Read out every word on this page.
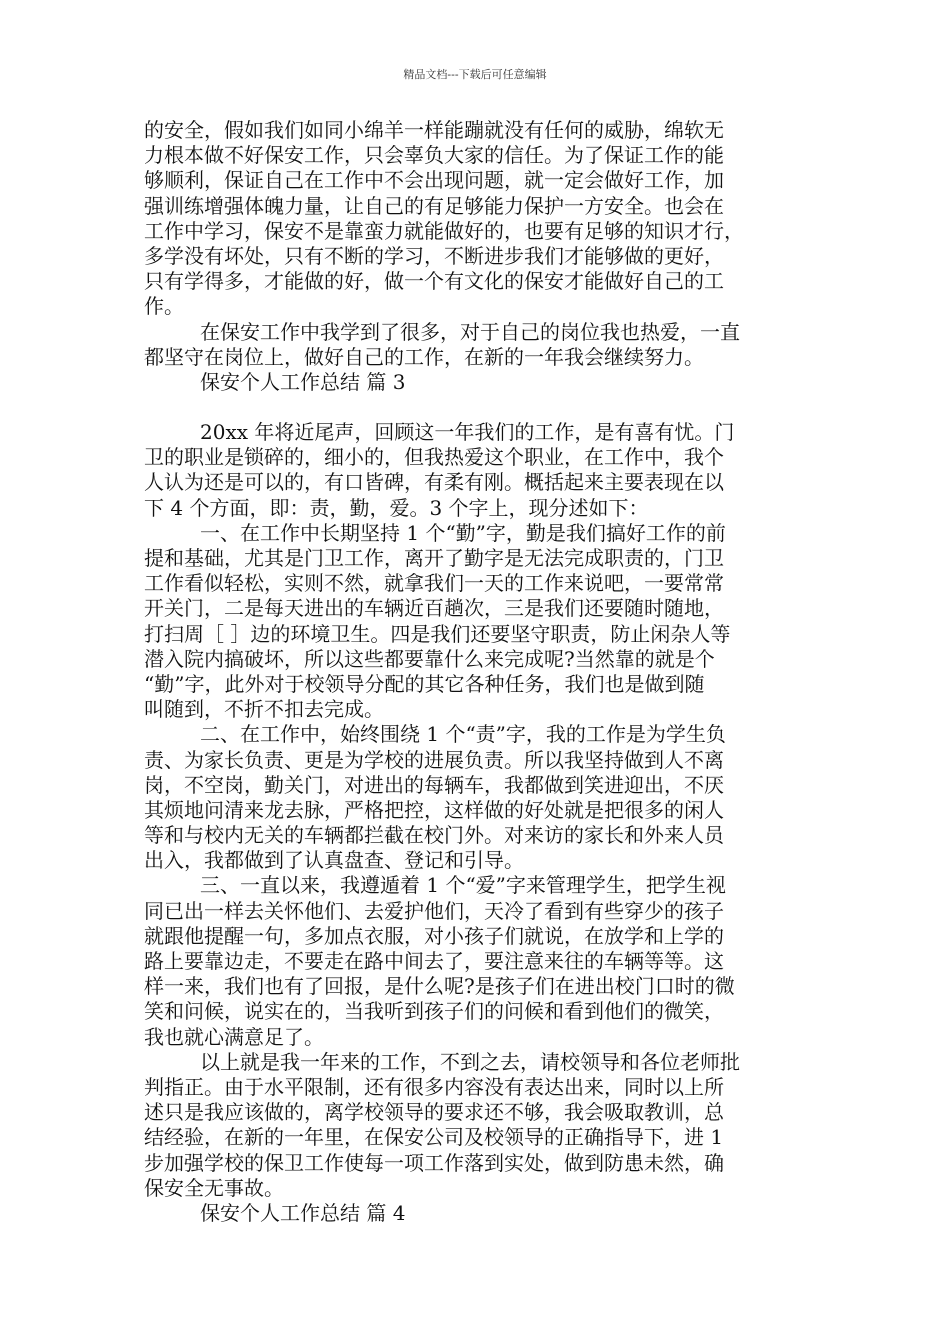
精品文档---下载后可任意编辑
的安全，假如我们如同小绵羊一样能蹦就没有任何的威胁，绵软无
力根本做不好保安工作，只会辜负大家的信任。为了保证工作的能
够顺利，保证自己在工作中不会出现问题，就一定会做好工作，加
强训练增强体魄力量，让自己的有足够能力保护一方安全。也会在
工作中学习，保安不是靠蛮力就能做好的，也要有足够的知识才行，
多学没有坏处，只有不断的学习，不断进步我们才能够做的更好，
只有学得多，才能做的好，做一个有文化的保安才能做好自己的工
作。
在保安工作中我学到了很多，对于自己的岗位我也热爱，一直
都坚守在岗位上，做好自己的工作，在新的一年我会继续努力。
保安个人工作总结 篇 3
20xx 年将近尾声，回顾这一年我们的工作，是有喜有忧。门
卫的职业是锁碎的，细小的，但我热爱这个职业，在工作中，我个
人认为还是可以的，有口皆碑，有柔有刚。概括起来主要表现在以
下 4 个方面，即：责，勤，爱。3 个字上，现分述如下：
一、在工作中长期坚持 1 个“勤”字，勤是我们搞好工作的前
提和基础，尤其是门卫工作，离开了勤字是无法完成职责的，门卫
工作看似轻松，实则不然，就拿我们一天的工作来说吧，一要常常
开关门，二是每天进出的车辆近百趟次，三是我们还要随时随地，
打扫周［ ］边的环境卫生。四是我们还要坚守职责，防止闲杂人等
潜入院内搞破坏，所以这些都要靠什么来完成呢?当然靠的就是个
“勤”字，此外对于校领导分配的其它各种任务，我们也是做到随
叫随到，不折不扣去完成。
二、在工作中，始终围绕 1 个“责”字，我的工作是为学生负
责、为家长负责、更是为学校的进展负责。所以我坚持做到人不离
岗，不空岗，勤关门，对进出的每辆车，我都做到笑进迎出，不厌
其烦地问清来龙去脉，严格把控，这样做的好处就是把很多的闲人
等和与校内无关的车辆都拦截在校门外。对来访的家长和外来人员
出入，我都做到了认真盘查、登记和引导。
三、一直以来，我遵遁着 1 个“爱”字来管理学生，把学生视
同已出一样去关怀他们、去爱护他们，天冷了看到有些穿少的孩子
就跟他提醒一句，多加点衣服，对小孩子们就说，在放学和上学的
路上要靠边走，不要走在路中间去了，要注意来往的车辆等等。这
样一来，我们也有了回报，是什么呢?是孩子们在进出校门口时的微
笑和问候，说实在的，当我听到孩子们的问候和看到他们的微笑，
我也就心满意足了。
以上就是我一年来的工作，不到之去，请校领导和各位老师批
判指正。由于水平限制，还有很多内容没有表达出来，同时以上所
述只是我应该做的，离学校领导的要求还不够，我会吸取教训，总
结经验，在新的一年里，在保安公司及校领导的正确指导下，进 1
步加强学校的保卫工作使每一项工作落到实处，做到防患未然，确
保安全无事故。
保安个人工作总结 篇 4
